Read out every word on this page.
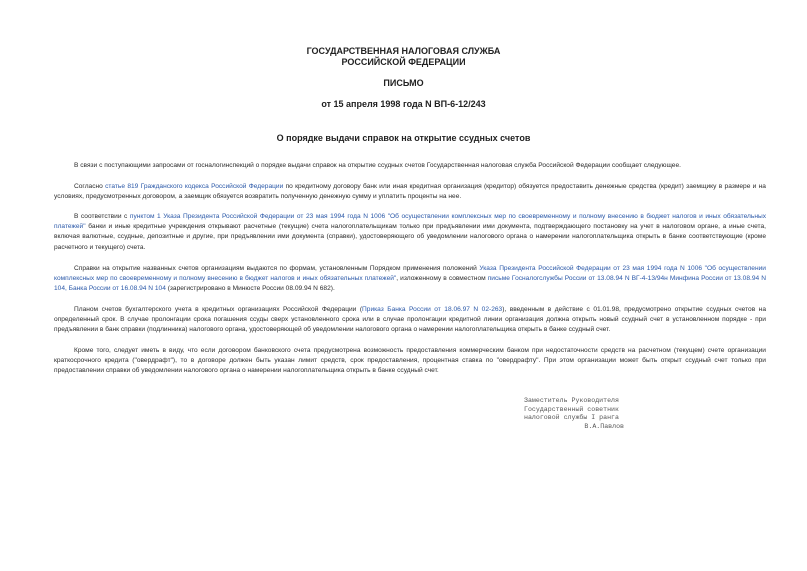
ГОСУДАРСТВЕННАЯ НАЛОГОВАЯ СЛУЖБА
РОССИЙСКОЙ ФЕДЕРАЦИИ
ПИСЬМО
от 15 апреля 1998 года N ВП-6-12/243
О порядке выдачи справок на открытие ссудных счетов
В связи с поступающими запросами от госналогинспекций о порядке выдачи справок на открытие ссудных счетов Государственная налоговая служба Российской Федерации сообщает следующее.
Согласно статье 819 Гражданского кодекса Российской Федерации по кредитному договору банк или иная кредитная организация (кредитор) обязуется предоставить денежные средства (кредит) заемщику в размере и на условиях, предусмотренных договором, а заемщик обязуется возвратить полученную денежную сумму и уплатить проценты на нее.
В соответствии с пунктом 1 Указа Президента Российской Федерации от 23 мая 1994 года N 1006 "Об осуществлении комплексных мер по своевременному и полному внесению в бюджет налогов и иных обязательных платежей" банки и иные кредитные учреждения открывают расчетные (текущие) счета налогоплательщикам только при предъявлении ими документа, подтверждающего постановку на учет в налоговом органе, а иные счета, включая валютные, ссудные, депозитные и другие, при предъявлении ими документа (справки), удостоверяющего об уведомлении налогового органа о намерении налогоплательщика открыть в банке соответствующие (кроме расчетного и текущего) счета.
Справки на открытие названных счетов организациям выдаются по формам, установленным Порядком применения положений Указа Президента Российской Федерации от 23 мая 1994 года N 1006 "Об осуществлении комплексных мер по своевременному и полному внесению в бюджет налогов и иных обязательных платежей", изложенному в совместном письме Госналогслужбы России от 13.08.94 N ВГ-4-13/94н Минфина России от 13.08.94 N 104, Банка России от 16.08.94 N 104 (зарегистрировано в Минюсте России 08.09.94 N 682).
Планом счетов бухгалтерского учета в кредитных организациях Российской Федерации (Приказ Банка России от 18.06.97 N 02-263), введенным в действие с 01.01.98, предусмотрено открытие ссудных счетов на определенный срок. В случае пролонгации срока погашения ссуды сверх установленного срока или в случае пролонгации кредитной линии организация должна открыть новый ссудный счет в установленном порядке - при предъявлении в банк справки (подлинника) налогового органа, удостоверяющей об уведомлении налогового органа о намерении налогоплательщика открыть в банке ссудный счет.
Кроме того, следует иметь в виду, что если договором банковского счета предусмотрена возможность предоставления коммерческим банком при недостаточности средств на расчетном (текущем) счете организации краткосрочного кредита ("овердрафт"), то в договоре должен быть указан лимит средств, срок предоставления, процентная ставка по "овердрафту". При этом организации может быть открыт ссудный счет только при предоставлении справки об уведомлении налогового органа о намерении налогоплательщика открыть в банке ссудный счет.
Заместитель Руководителя
Государственный советник
налоговой службы I ранга
В.А.Павлов
